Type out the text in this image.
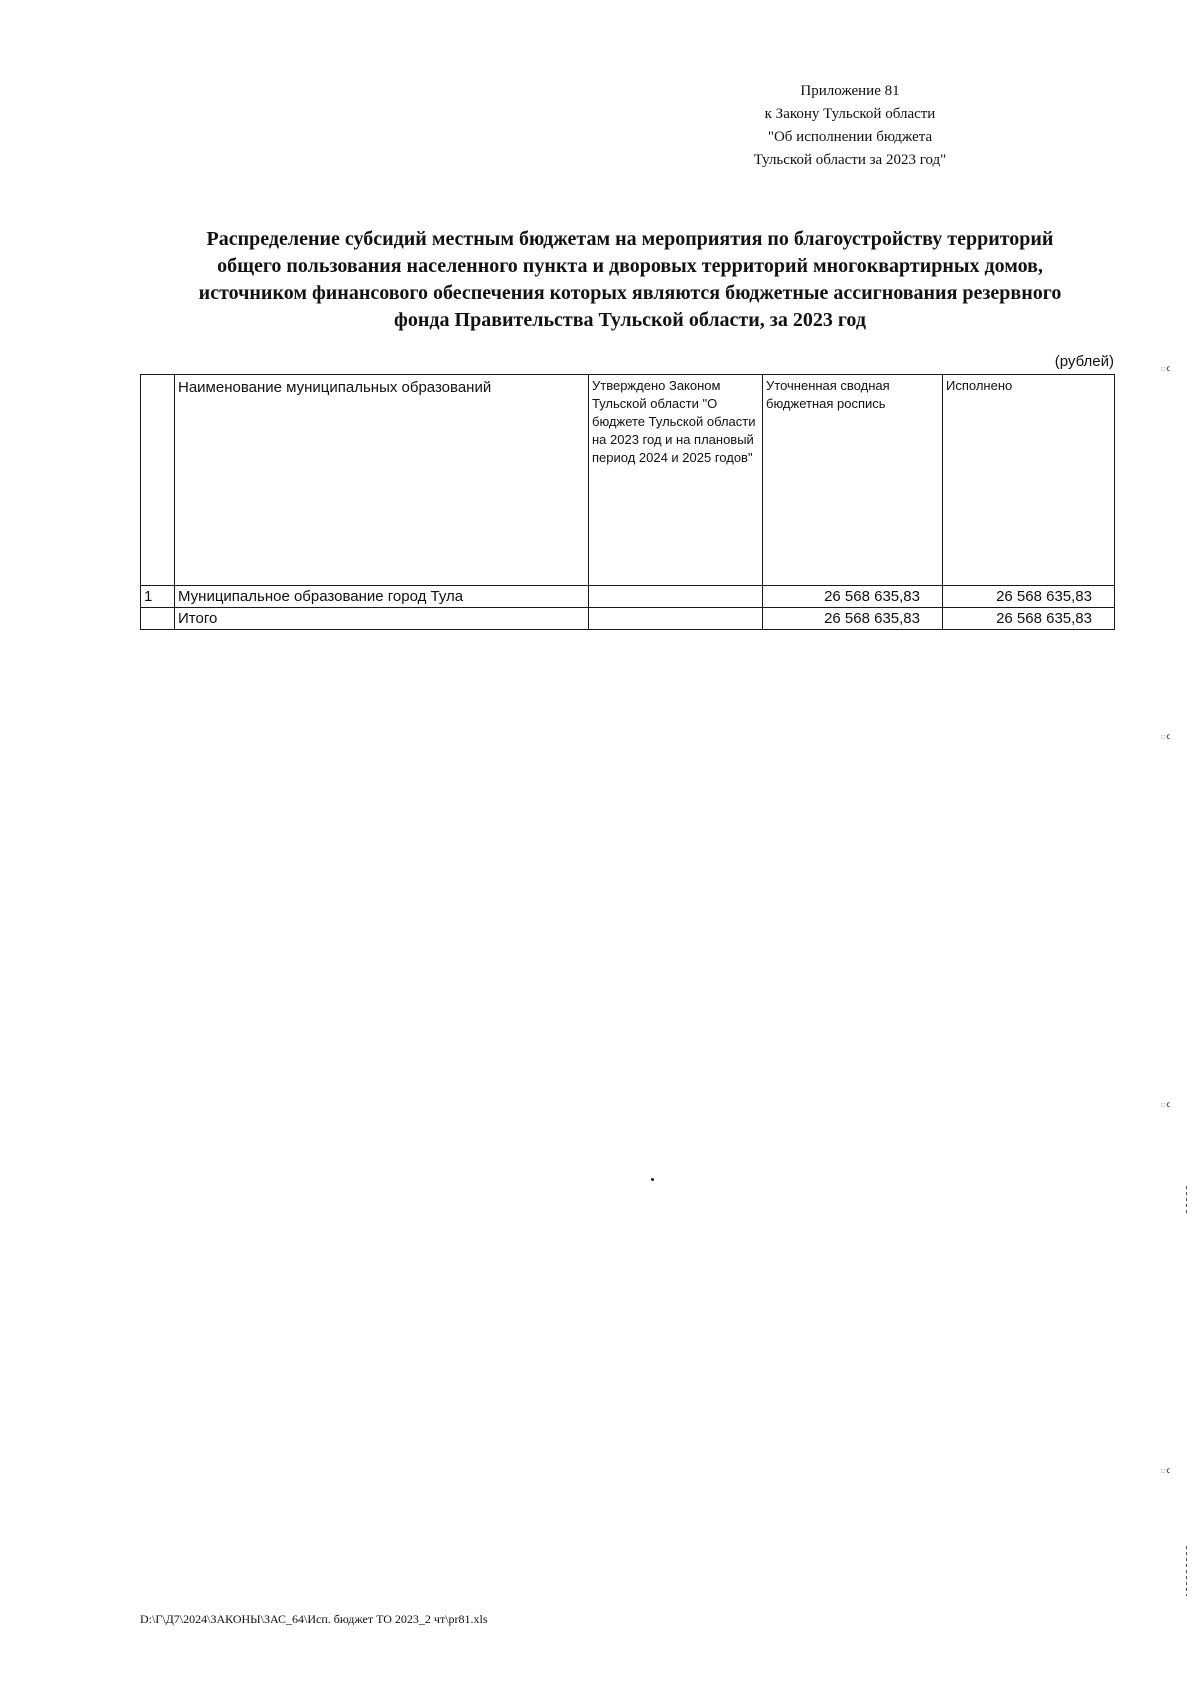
Приложение 81
к Закону Тульской области
"Об исполнении бюджета
Тульской области за 2023 год"
Распределение субсидий местным бюджетам на мероприятия по благоустройству территорий
общего пользования населенного пункта и дворовых территорий многоквартирных домов,
источником финансового обеспечения которых являются бюджетные ассигнования резервного
фонда Правительства Тульской области, за 2023 год
(рублей)
	Наименование муниципальных образований	Утверждено Законом Тульской области "О бюджете Тульской области на 2023 год и на плановый период 2024 и 2025 годов"	Уточненная сводная бюджетная роспись	Исполнено
1	Муниципальное образование город Тула		26 568 635,83	26 568 635,83
	Итого		26 568 635,83	26 568 635,83
D:\Г\Д7\2024\ЗАКОНЫ\ЗАС_64\Исп. бюджет ТО 2023_2 чт\pr81.xls
ఁ
ఁ
ఁ
ఁ
